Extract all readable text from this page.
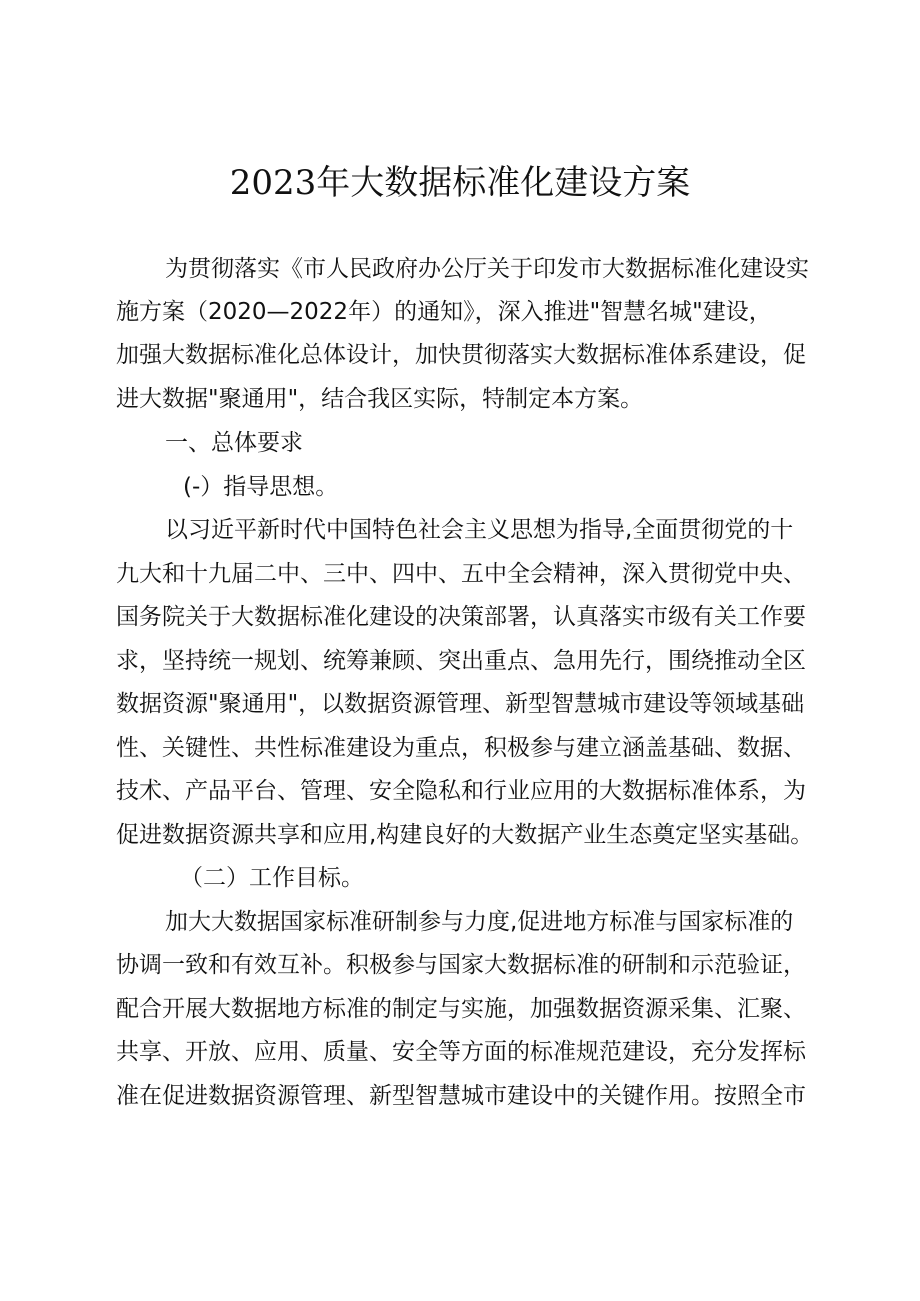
2023年大数据标准化建设方案
为贯彻落实《市人民政府办公厅关于印发市大数据标准化建设实
施方案（2020—2022年）的通知》，深入推进"智慧名城"建设，
加强大数据标准化总体设计，加快贯彻落实大数据标准体系建设，促
进大数据"聚通用"，结合我区实际，特制定本方案。
一、总体要求
(-）指导思想。
以习近平新时代中国特色社会主义思想为指导,全面贯彻党的十
九大和十九届二中、三中、四中、五中全会精神，深入贯彻党中央、
国务院关于大数据标准化建设的决策部署，认真落实市级有关工作要
求，坚持统一规划、统筹兼顾、突出重点、急用先行，围绕推动全区
数据资源"聚通用"，以数据资源管理、新型智慧城市建设等领域基础
性、关键性、共性标准建设为重点，积极参与建立涵盖基础、数据、
技术、产品平台、管理、安全隐私和行业应用的大数据标准体系，为
促进数据资源共享和应用,构建良好的大数据产业生态奠定坚实基础。
（二）工作目标。
加大大数据国家标准研制参与力度,促进地方标准与国家标准的
协调一致和有效互补。积极参与国家大数据标准的研制和示范验证，
配合开展大数据地方标准的制定与实施，加强数据资源采集、汇聚、
共享、开放、应用、质量、安全等方面的标准规范建设，充分发挥标
准在促进数据资源管理、新型智慧城市建设中的关键作用。按照全市
